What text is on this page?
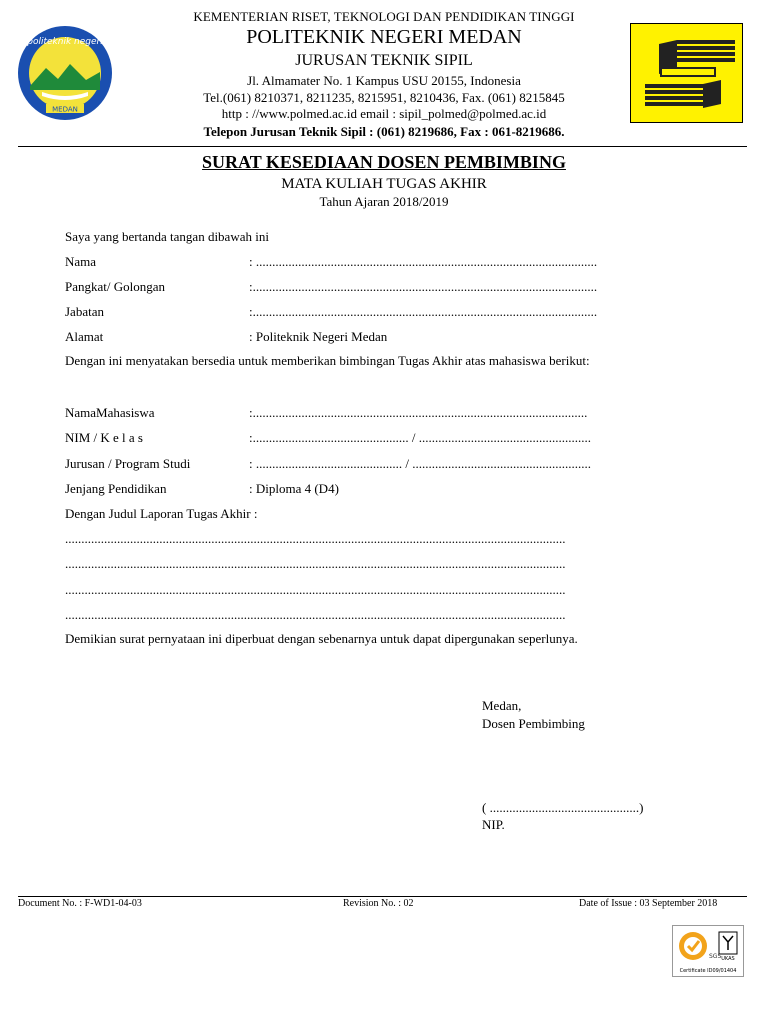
politeknik negeri
MEDAN
KEMENTERIAN RISET, TEKNOLOGI DAN PENDIDIKAN TINGGI
POLITEKNIK NEGERI MEDAN
JURUSAN TEKNIK SIPIL
Jl. Almamater No. 1 Kampus USU 20155, Indonesia
Tel.(061) 8210371, 8211235, 8215951, 8210436, Fax. (061) 8215845
http : //www.polmed.ac.id email : sipil_polmed@polmed.ac.id
Telepon Jurusan Teknik Sipil : (061) 8219686, Fax : 061-8219686.
SURAT KESEDIAAN DOSEN PEMBIMBING
MATA KULIAH TUGAS AKHIR
Tahun Ajaran 2018/2019
Saya yang bertanda tangan dibawah ini
Nama	: .........................................................................................................
Pangkat/ Golongan	:..........................................................................................................
Jabatan	:..........................................................................................................
Alamat	: Politeknik Negeri Medan
Dengan ini menyatakan bersedia untuk memberikan bimbingan Tugas Akhir atas mahasiswa berikut:
NamaMahasiswa	:.......................................................................................................
NIM / K e l a s	:................................................ / .....................................................
Jurusan / Program Studi	: ............................................. / .......................................................
Jenjang Pendidikan	: Diploma 4 (D4)
Dengan Judul Laporan Tugas Akhir :
..........................................................................................................................................................
..........................................................................................................................................................
..........................................................................................................................................................
..........................................................................................................................................................
Demikian surat pernyataan ini diperbuat dengan sebenarnya untuk dapat dipergunakan seperlunya.
Medan,
Dosen Pembimbing
( ..............................................)
NIP.
Document No. : F-WD1-04-03	Revision No. : 02	Date of Issue : 03 September 2018
SGS UKAS
Certificate ID09/01404
